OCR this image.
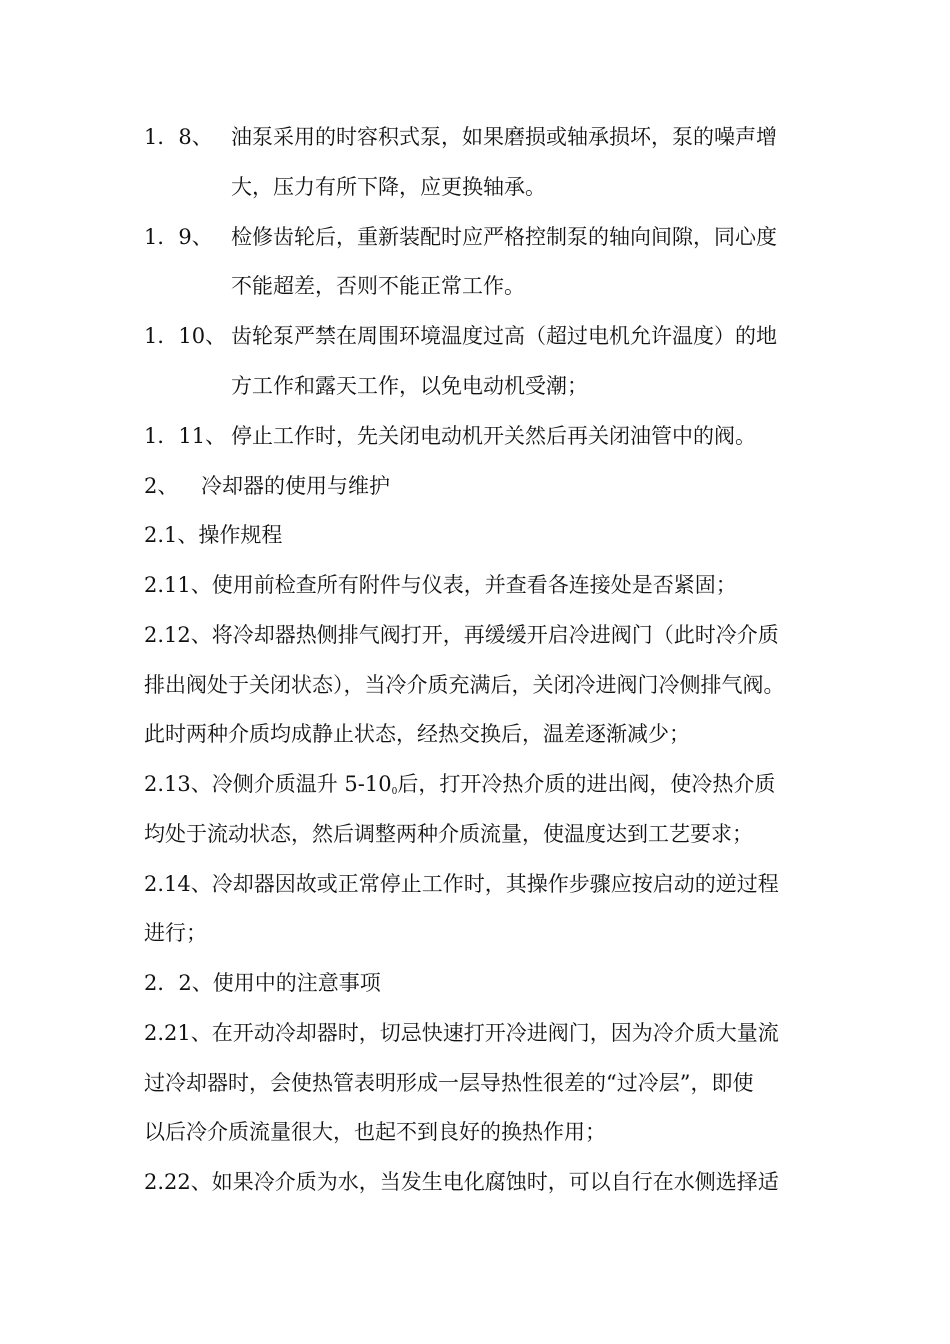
1．8、 油泵采用的时容积式泵，如果磨损或轴承损坏，泵的噪声增
大，压力有所下降，应更换轴承。
1．9、 检修齿轮后，重新装配时应严格控制泵的轴向间隙，同心度
不能超差，否则不能正常工作。
1．10、 齿轮泵严禁在周围环境温度过高（超过电机允许温度）的地
方工作和露天工作，以免电动机受潮；
1．11、 停止工作时，先关闭电动机开关然后再关闭油管中的阀。
2、 冷却器的使用与维护
2.1、操作规程
2.11、使用前检查所有附件与仪表，并查看各连接处是否紧固；
2.12、将冷却器热侧排气阀打开，再缓缓开启冷进阀门（此时冷介质
排出阀处于关闭状态），当冷介质充满后，关闭冷进阀门冷侧排气阀。
此时两种介质均成静止状态，经热交换后，温差逐渐减少；
2.13、冷侧介质温升 $5-10_0$后，打开冷热介质的进出阀，使冷热介质
均处于流动状态，然后调整两种介质流量，使温度达到工艺要求；
2.14、冷却器因故或正常停止工作时，其操作步骤应按启动的逆过程
进行；
2．2、使用中的注意事项
2.21、在开动冷却器时，切忌快速打开冷进阀门，因为冷介质大量流
过冷却器时，会使热管表明形成一层导热性很差的“过冷层”，即使
以后冷介质流量很大，也起不到良好的换热作用；
2.22、如果冷介质为水，当发生电化腐蚀时，可以自行在水侧选择适
